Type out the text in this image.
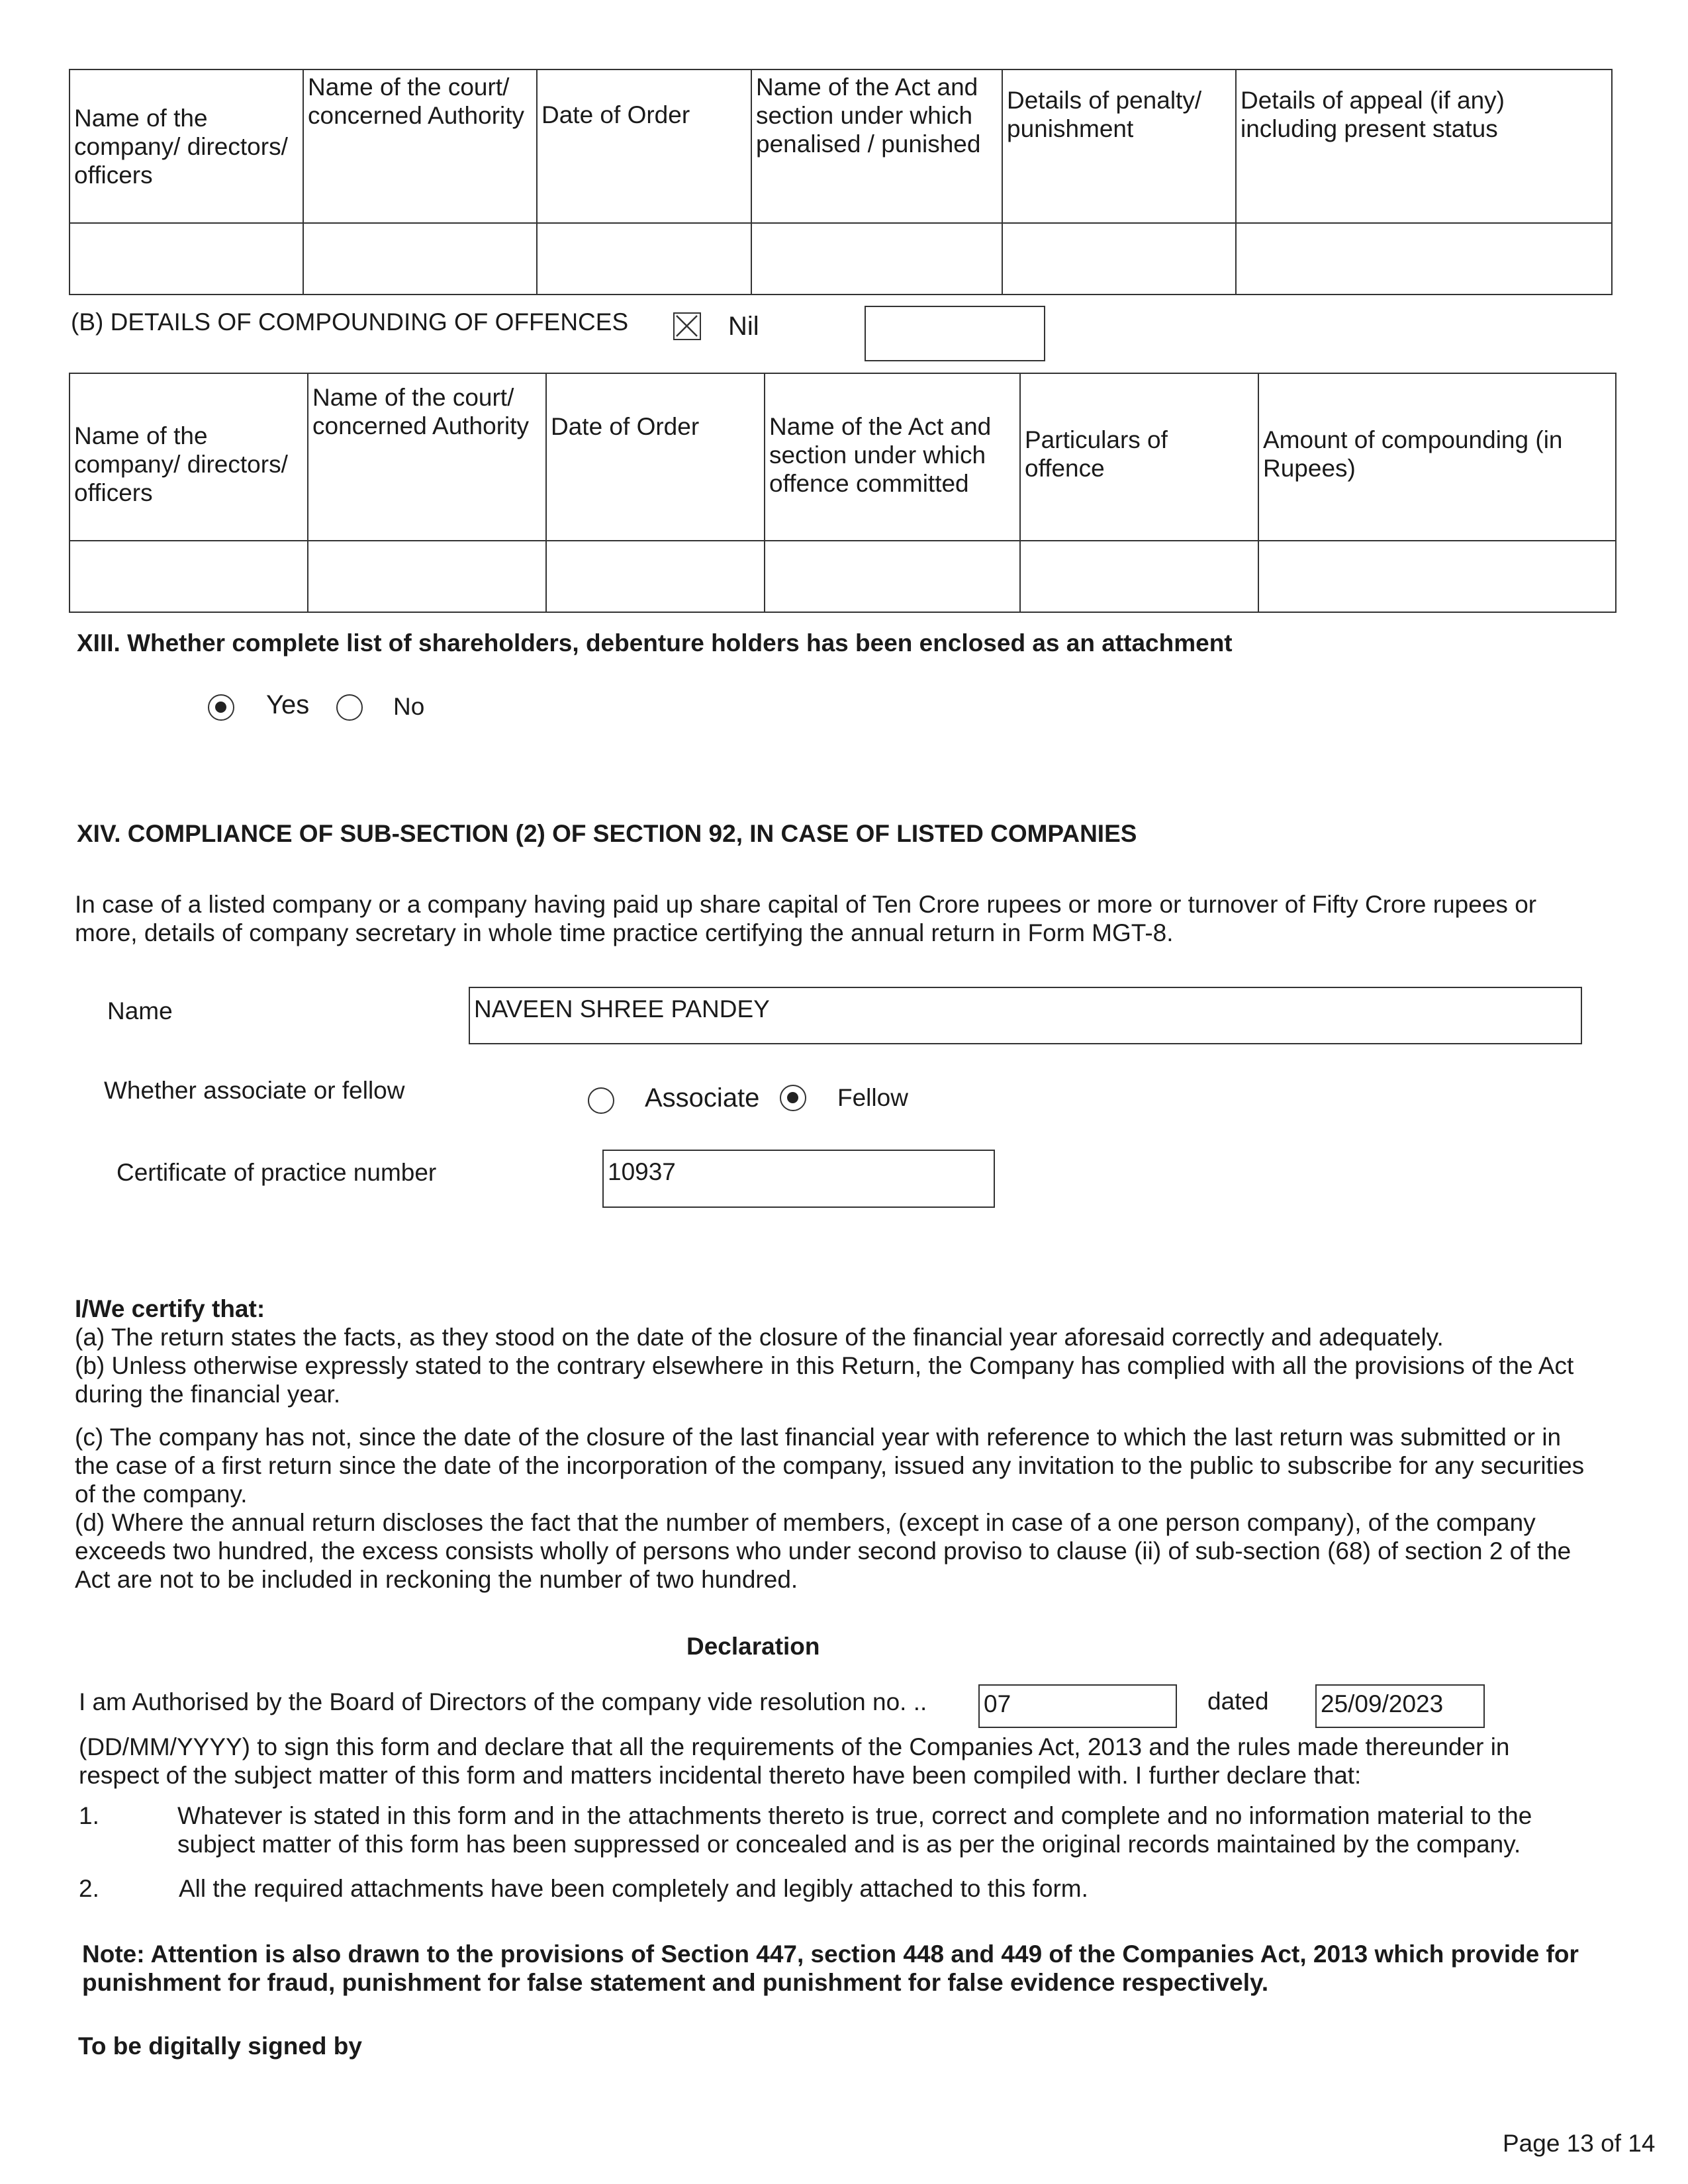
Name of the company/ directors/ officers	Name of the court/ concerned Authority	Date of Order	Name of the Act and section under which penalised / punished	Details of penalty/ punishment	Details of appeal (if any) including present status

(B) DETAILS OF COMPOUNDING OF OFFENCES	Nil
Name of the company/ directors/ officers	Name of the court/ concerned Authority	Date of Order	Name of the Act and section under which offence committed	Particulars of offence	Amount of compounding (in Rupees)

XIII. Whether complete list of shareholders, debenture holders has been enclosed as an attachment
Yes	No
XIV. COMPLIANCE OF SUB-SECTION (2) OF SECTION 92, IN CASE OF LISTED COMPANIES
In case of a listed company or a company having paid up share capital of Ten Crore rupees or more or turnover of Fifty Crore rupees or more, details of company secretary in whole time practice certifying the annual return in Form MGT-8.
Name	NAVEEN SHREE PANDEY
Whether associate or fellow	Associate	Fellow
Certificate of practice number	10937

I/We certify that:

(a) The return states the facts, as they stood on the date of the closure of the financial year aforesaid correctly and adequately.

(b) Unless otherwise expressly stated to the contrary elsewhere in this Return, the Company has complied with all the provisions of the Act during the financial year.

(c) The company has not, since the date of the closure of the last financial year with reference to which the last return was submitted or in the case of a first return since the date of the incorporation of the company, issued any invitation to the public to subscribe for any securities of the company.

(d) Where the annual return discloses the fact that the number of members, (except in case of a one person company), of the company exceeds two hundred, the excess consists wholly of persons who under second proviso to clause (ii) of sub-section (68) of section 2 of the Act are not to be included in reckoning the number of two hundred.

Declaration
I am Authorised by the Board of Directors of the company vide resolution no. .. 07	dated 25/09/2023
(DD/MM/YYYY) to sign this form and declare that all the requirements of the Companies Act, 2013 and the rules made thereunder in respect of the subject matter of this form and matters incidental thereto have been compiled with. I further declare that:
1.	Whatever is stated in this form and in the attachments thereto is true, correct and complete and no information material to the subject matter of this form has been suppressed or concealed and is as per the original records maintained by the company.
2.	All the required attachments have been completely and legibly attached to this form.
Note: Attention is also drawn to the provisions of Section 447, section 448 and 449 of the Companies Act, 2013 which provide for punishment for fraud, punishment for false statement and punishment for false evidence respectively.
To be digitally signed by
Page 13 of 14
